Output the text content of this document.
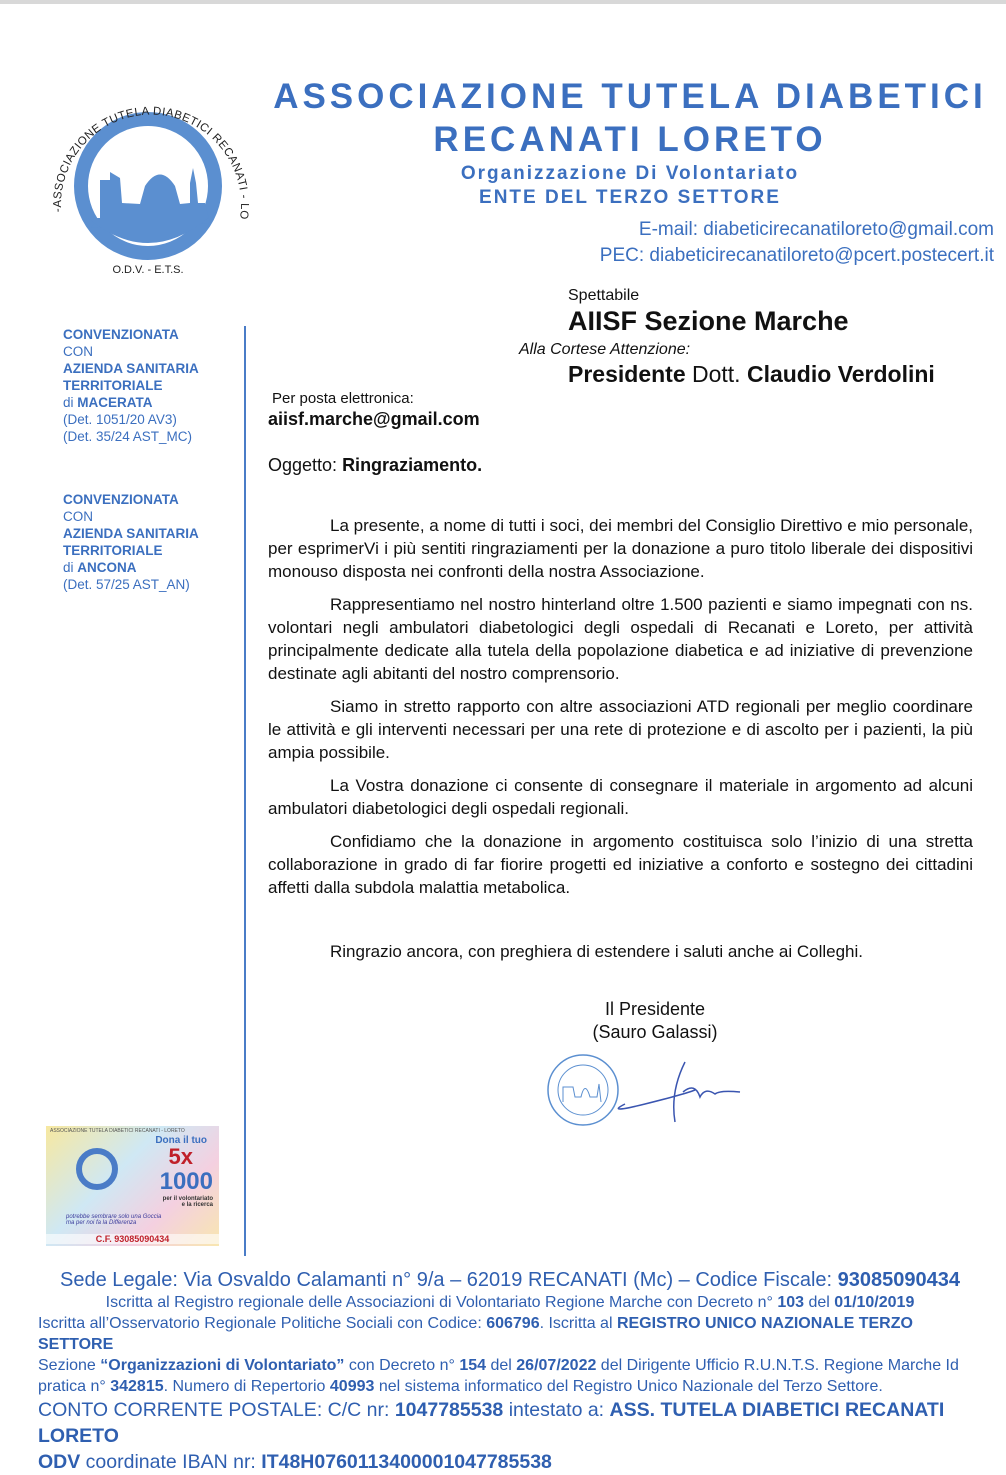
-ASSOCIAZIONE TUTELA DIABETICI RECANATI - LO
O.D.V. - E.T.S.
ASSOCIAZIONE TUTELA DIABETICI
RECANATI LORETO
Organizzazione Di Volontariato
ENTE DEL TERZO SETTORE
E-mail: diabeticirecanatiloreto@gmail.com
PEC: diabeticirecanatiloreto@pcert.postecert.it
CONVENZIONATA
CON
AZIENDA SANITARIA
TERRITORIALE
di MACERATA
(Det. 1051/20 AV3)
(Det. 35/24 AST_MC)
CONVENZIONATA
CON
AZIENDA SANITARIA
TERRITORIALE
di ANCONA
(Det. 57/25 AST_AN)
ASSOCIAZIONE TUTELA DIABETICI RECANATI - LORETO
Dona il tuo
5x
1000
per il volontariato
e la ricerca
potrebbe sembrare solo una Goccia
ma per noi fa la Differenza
C.F. 93085090434
Spettabile
AIISF Sezione Marche
Alla Cortese Attenzione:
Presidente Dott. Claudio Verdolini
Per posta elettronica:
aiisf.marche@gmail.com
Oggetto: Ringraziamento.

La presente, a nome di tutti i soci, dei membri del Consiglio Direttivo e mio personale, per esprimerVi i più sentiti ringraziamenti per la donazione a puro titolo liberale dei dispositivi monouso disposta nei confronti della nostra Associazione.

Rappresentiamo nel nostro hinterland oltre 1.500 pazienti e siamo impegnati con ns. volontari negli ambulatori diabetologici degli ospedali di Recanati e Loreto, per attività principalmente dedicate alla tutela della popolazione diabetica e ad iniziative di prevenzione destinate agli abitanti del nostro comprensorio.

Siamo in stretto rapporto con altre associazioni ATD regionali per meglio coordinare le attività e gli interventi necessari per una rete di protezione e di ascolto per i pazienti, la più ampia possibile.

La Vostra donazione ci consente di consegnare il materiale in argomento ad alcuni ambulatori diabetologici degli ospedali regionali.

Confidiamo che la donazione in argomento costituisca solo l’inizio di una stretta collaborazione in grado di far fiorire progetti ed iniziative a conforto e sostegno dei cittadini affetti dalla subdola malattia metabolica.

Ringrazio ancora, con preghiera di estendere i saluti anche ai Colleghi.
Il Presidente
(Sauro Galassi)
Sede Legale: Via Osvaldo Calamanti n° 9/a – 62019 RECANATI (Mc) – Codice Fiscale: 93085090434
Iscritta al Registro regionale delle Associazioni di Volontariato Regione Marche con Decreto n° 103 del 01/10/2019
Iscritta all’Osservatorio Regionale Politiche Sociali con Codice: 606796. Iscritta al REGISTRO UNICO NAZIONALE TERZO SETTORE
Sezione “Organizzazioni di Volontariato” con Decreto n° 154 del 26/07/2022 del Dirigente Ufficio R.U.N.T.S. Regione Marche Id
pratica n° 342815. Numero di Repertorio 40993 nel sistema informatico del Registro Unico Nazionale del Terzo Settore.
CONTO CORRENTE POSTALE: C/C nr: 1047785538 intestato a: ASS. TUTELA DIABETICI RECANATI LORETO
ODV coordinate IBAN nr: IT48H0760113400001047785538
